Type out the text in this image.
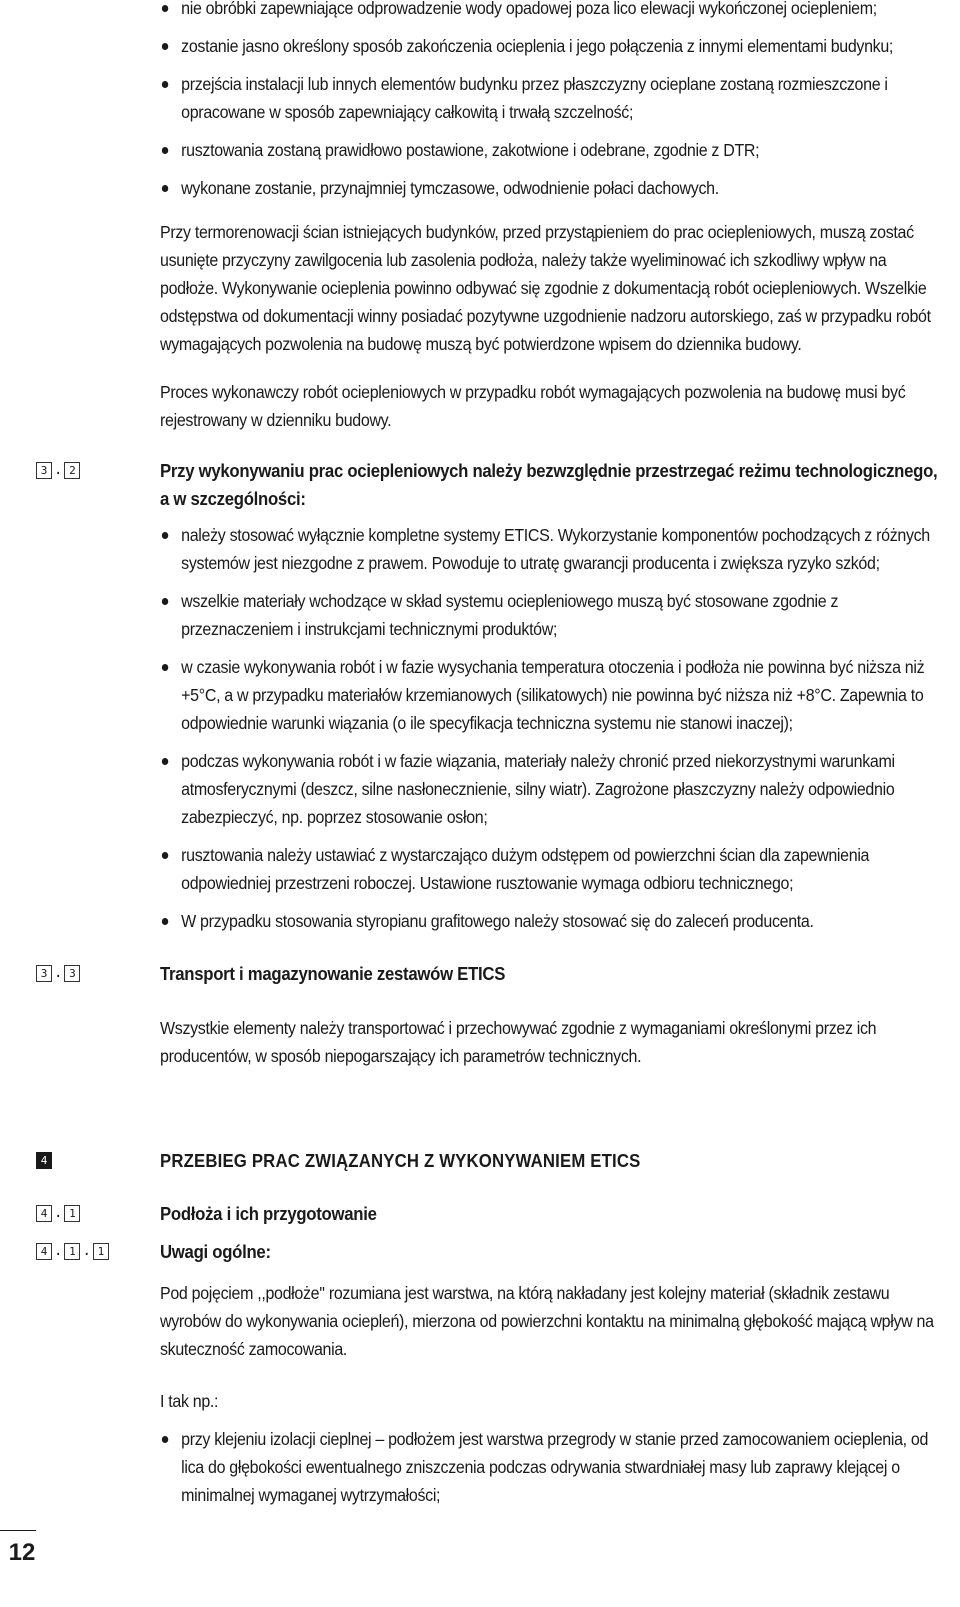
nie obróbki zapewniające odprowadzenie wody opadowej poza lico elewacji wykończonej ociepleniem;
zostanie jasno określony sposób zakończenia ocieplenia i jego połączenia z innymi elementami budynku;
przejścia instalacji lub innych elementów budynku przez płaszczyzny ocieplane zostaną rozmieszczone i opracowane w sposób zapewniający całkowitą i trwałą szczelność;
rusztowania zostaną prawidłowo postawione, zakotwione i odebrane, zgodnie z DTR;
wykonane zostanie, przynajmniej tymczasowe, odwodnienie połaci dachowych.

Przy termorenowacji ścian istniejących budynków, przed przystąpieniem do prac ociepleniowych, muszą zostać usunięte przyczyny zawilgocenia lub zasolenia podłoża, należy także wyeliminować ich szkodliwy wpływ na podłoże. Wykonywanie ocieplenia powinno odbywać się zgodnie z dokumentacją robót ociepleniowych. Wszelkie odstępstwa od dokumentacji winny posiadać pozytywne uzgodnienie nadzoru autorskiego, zaś w przypadku robót wymagających pozwolenia na budowę muszą być potwierdzone wpisem do dziennika budowy.

Proces wykonawczy robót ociepleniowych w przypadku robót wymagających pozwolenia na budowę musi być rejestrowany w dzienniku budowy.

3 . 2	Przy wykonywaniu prac ociepleniowych należy bezwzględnie przestrzegać reżimu technologicznego, a w szczególności:
należy stosować wyłącznie kompletne systemy ETICS. Wykorzystanie komponentów pochodzących z różnych systemów jest niezgodne z prawem. Powoduje to utratę gwarancji producenta i zwiększa ryzyko szkód;
wszelkie materiały wchodzące w skład systemu ociepleniowego muszą być stosowane zgodnie z przeznaczeniem i instrukcjami technicznymi produktów;
w czasie wykonywania robót i w fazie wysychania temperatura otoczenia i podłoża nie powinna być niższa niż +5°C, a w przypadku materiałów krzemianowych (silikatowych) nie powinna być niższa niż +8°C. Zapewnia to odpowiednie warunki wiązania (o ile specyfikacja techniczna systemu nie stanowi inaczej);
podczas wykonywania robót i w fazie wiązania, materiały należy chronić przed niekorzystnymi warunkami atmosferycznymi (deszcz, silne nasłonecznienie, silny wiatr). Zagrożone płaszczyzny należy odpowiednio zabezpieczyć, np. poprzez stosowanie osłon;
rusztowania należy ustawiać z wystarczająco dużym odstępem od powierzchni ścian dla zapewnienia odpowiedniej przestrzeni roboczej. Ustawione rusztowanie wymaga odbioru technicznego;
W przypadku stosowania styropianu grafitowego należy stosować się do zaleceń producenta.
3 . 3	Transport i magazynowanie zestawów ETICS

Wszystkie elementy należy transportować i przechowywać zgodnie z wymaganiami określonymi przez ich producentów, w sposób niepogarszający ich parametrów technicznych.

4	PRZEBIEG PRAC ZWIĄZANYCH Z WYKONYWANIEM ETICS
4 . 1	Podłoża i ich przygotowanie
4 . 1 . 1	Uwagi ogólne:

Pod pojęciem ,,podłoże'' rozumiana jest warstwa, na którą nakładany jest kolejny materiał (składnik zestawu wyrobów do wykonywania ociepleń), mierzona od powierzchni kontaktu na minimalną głębokość mającą wpływ na skuteczność zamocowania.

I tak np.:

przy klejeniu izolacji cieplnej – podłożem jest warstwa przegrody w stanie przed zamocowaniem ocieplenia, od lica do głębokości ewentualnego zniszczenia podczas odrywania stwardniałej masy lub zaprawy klejącej o minimalnej wymaganej wytrzymałości;
12
